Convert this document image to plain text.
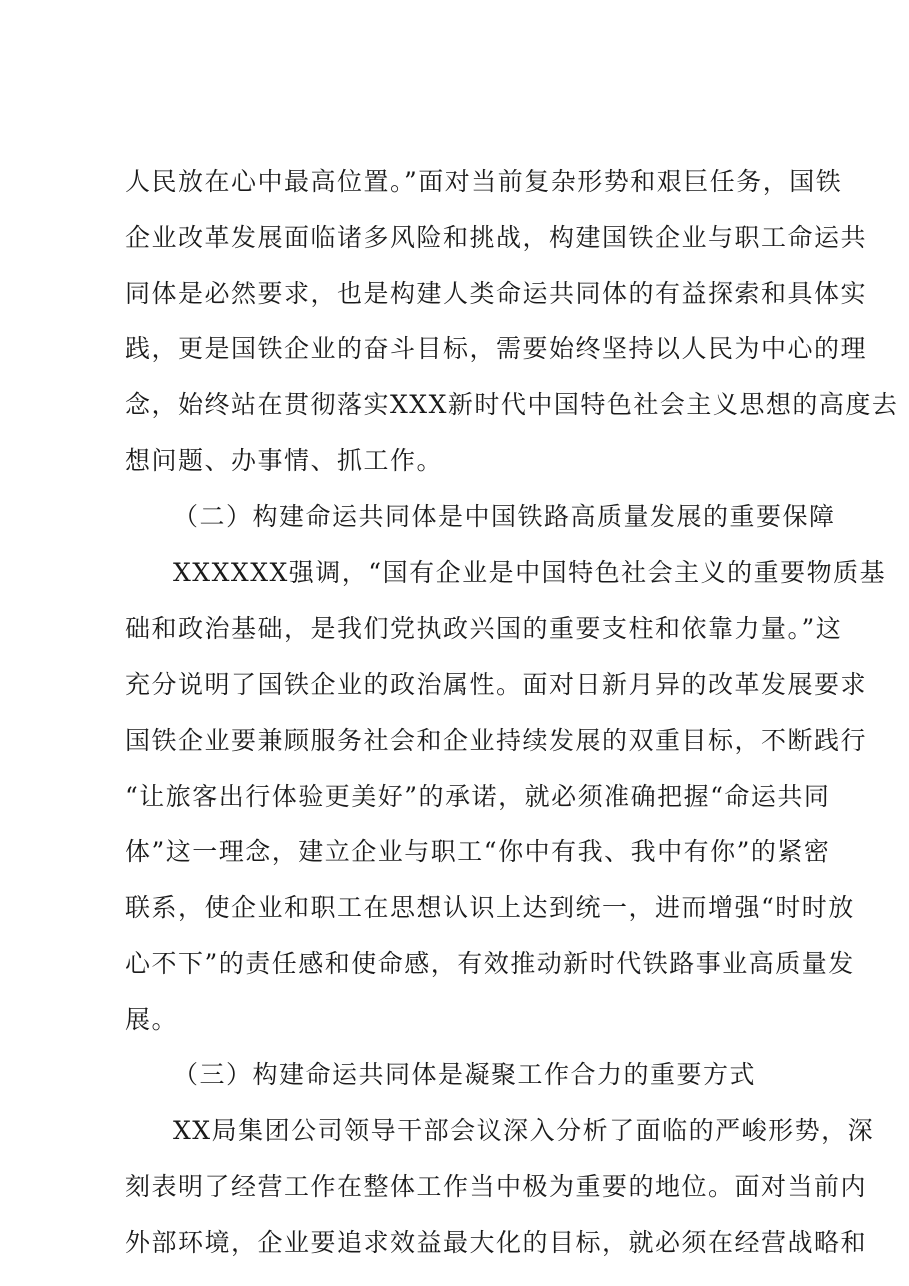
人民放在心中最高位置。”面对当前复杂形势和艰巨任务，国铁
企业改革发展面临诸多风险和挑战，构建国铁企业与职工命运共
同体是必然要求，也是构建人类命运共同体的有益探索和具体实
践，更是国铁企业的奋斗目标，需要始终坚持以人民为中心的理
念，始终站在贯彻落实XXX新时代中国特色社会主义思想的高度去
想问题、办事情、抓工作。
（二）构建命运共同体是中国铁路高质量发展的重要保障
XXXXXX强调，“国有企业是中国特色社会主义的重要物质基
础和政治基础，是我们党执政兴国的重要支柱和依靠力量。”这
充分说明了国铁企业的政治属性。面对日新月异的改革发展要求
国铁企业要兼顾服务社会和企业持续发展的双重目标，不断践行
“让旅客出行体验更美好”的承诺，就必须准确把握“命运共同
体”这一理念，建立企业与职工“你中有我、我中有你”的紧密
联系，使企业和职工在思想认识上达到统一，进而增强“时时放
心不下”的责任感和使命感，有效推动新时代铁路事业高质量发
展。
（三）构建命运共同体是凝聚工作合力的重要方式
XX局集团公司领导干部会议深入分析了面临的严峻形势，深
刻表明了经营工作在整体工作当中极为重要的地位。面对当前内
外部环境，企业要追求效益最大化的目标，就必须在经营战略和
